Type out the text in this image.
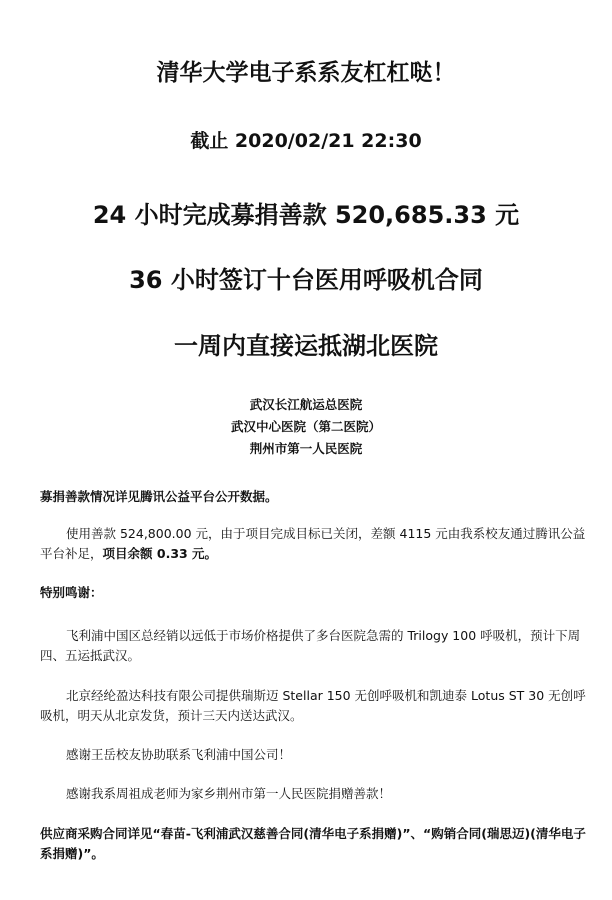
清华大学电子系系友杠杠哒！
截止 2020/02/21 22:30
24 小时完成募捐善款 520,685.33 元
36 小时签订十台医用呼吸机合同
一周内直接运抵湖北医院
武汉长江航运总医院
武汉中心医院（第二医院）
荆州市第一人民医院
募捐善款情况详见腾讯公益平台公开数据。
使用善款 524,800.00 元，由于项目完成目标已关闭，差额 4115 元由我系校友通过腾讯公益平台补足，项目余额 0.33 元。
特别鸣谢：
飞利浦中国区总经销以远低于市场价格提供了多台医院急需的 Trilogy 100 呼吸机，预计下周四、五运抵武汉。
北京经纶盈达科技有限公司提供瑞斯迈 Stellar 150 无创呼吸机和凯迪泰 Lotus ST 30 无创呼吸机，明天从北京发货，预计三天内送达武汉。
感谢王岳校友协助联系飞利浦中国公司！
感谢我系周祖成老师为家乡荆州市第一人民医院捐赠善款！
供应商采购合同详见“春苗-飞利浦武汉慈善合同(清华电子系捐赠)”、“购销合同(瑞思迈)(清华电子系捐赠)”。
